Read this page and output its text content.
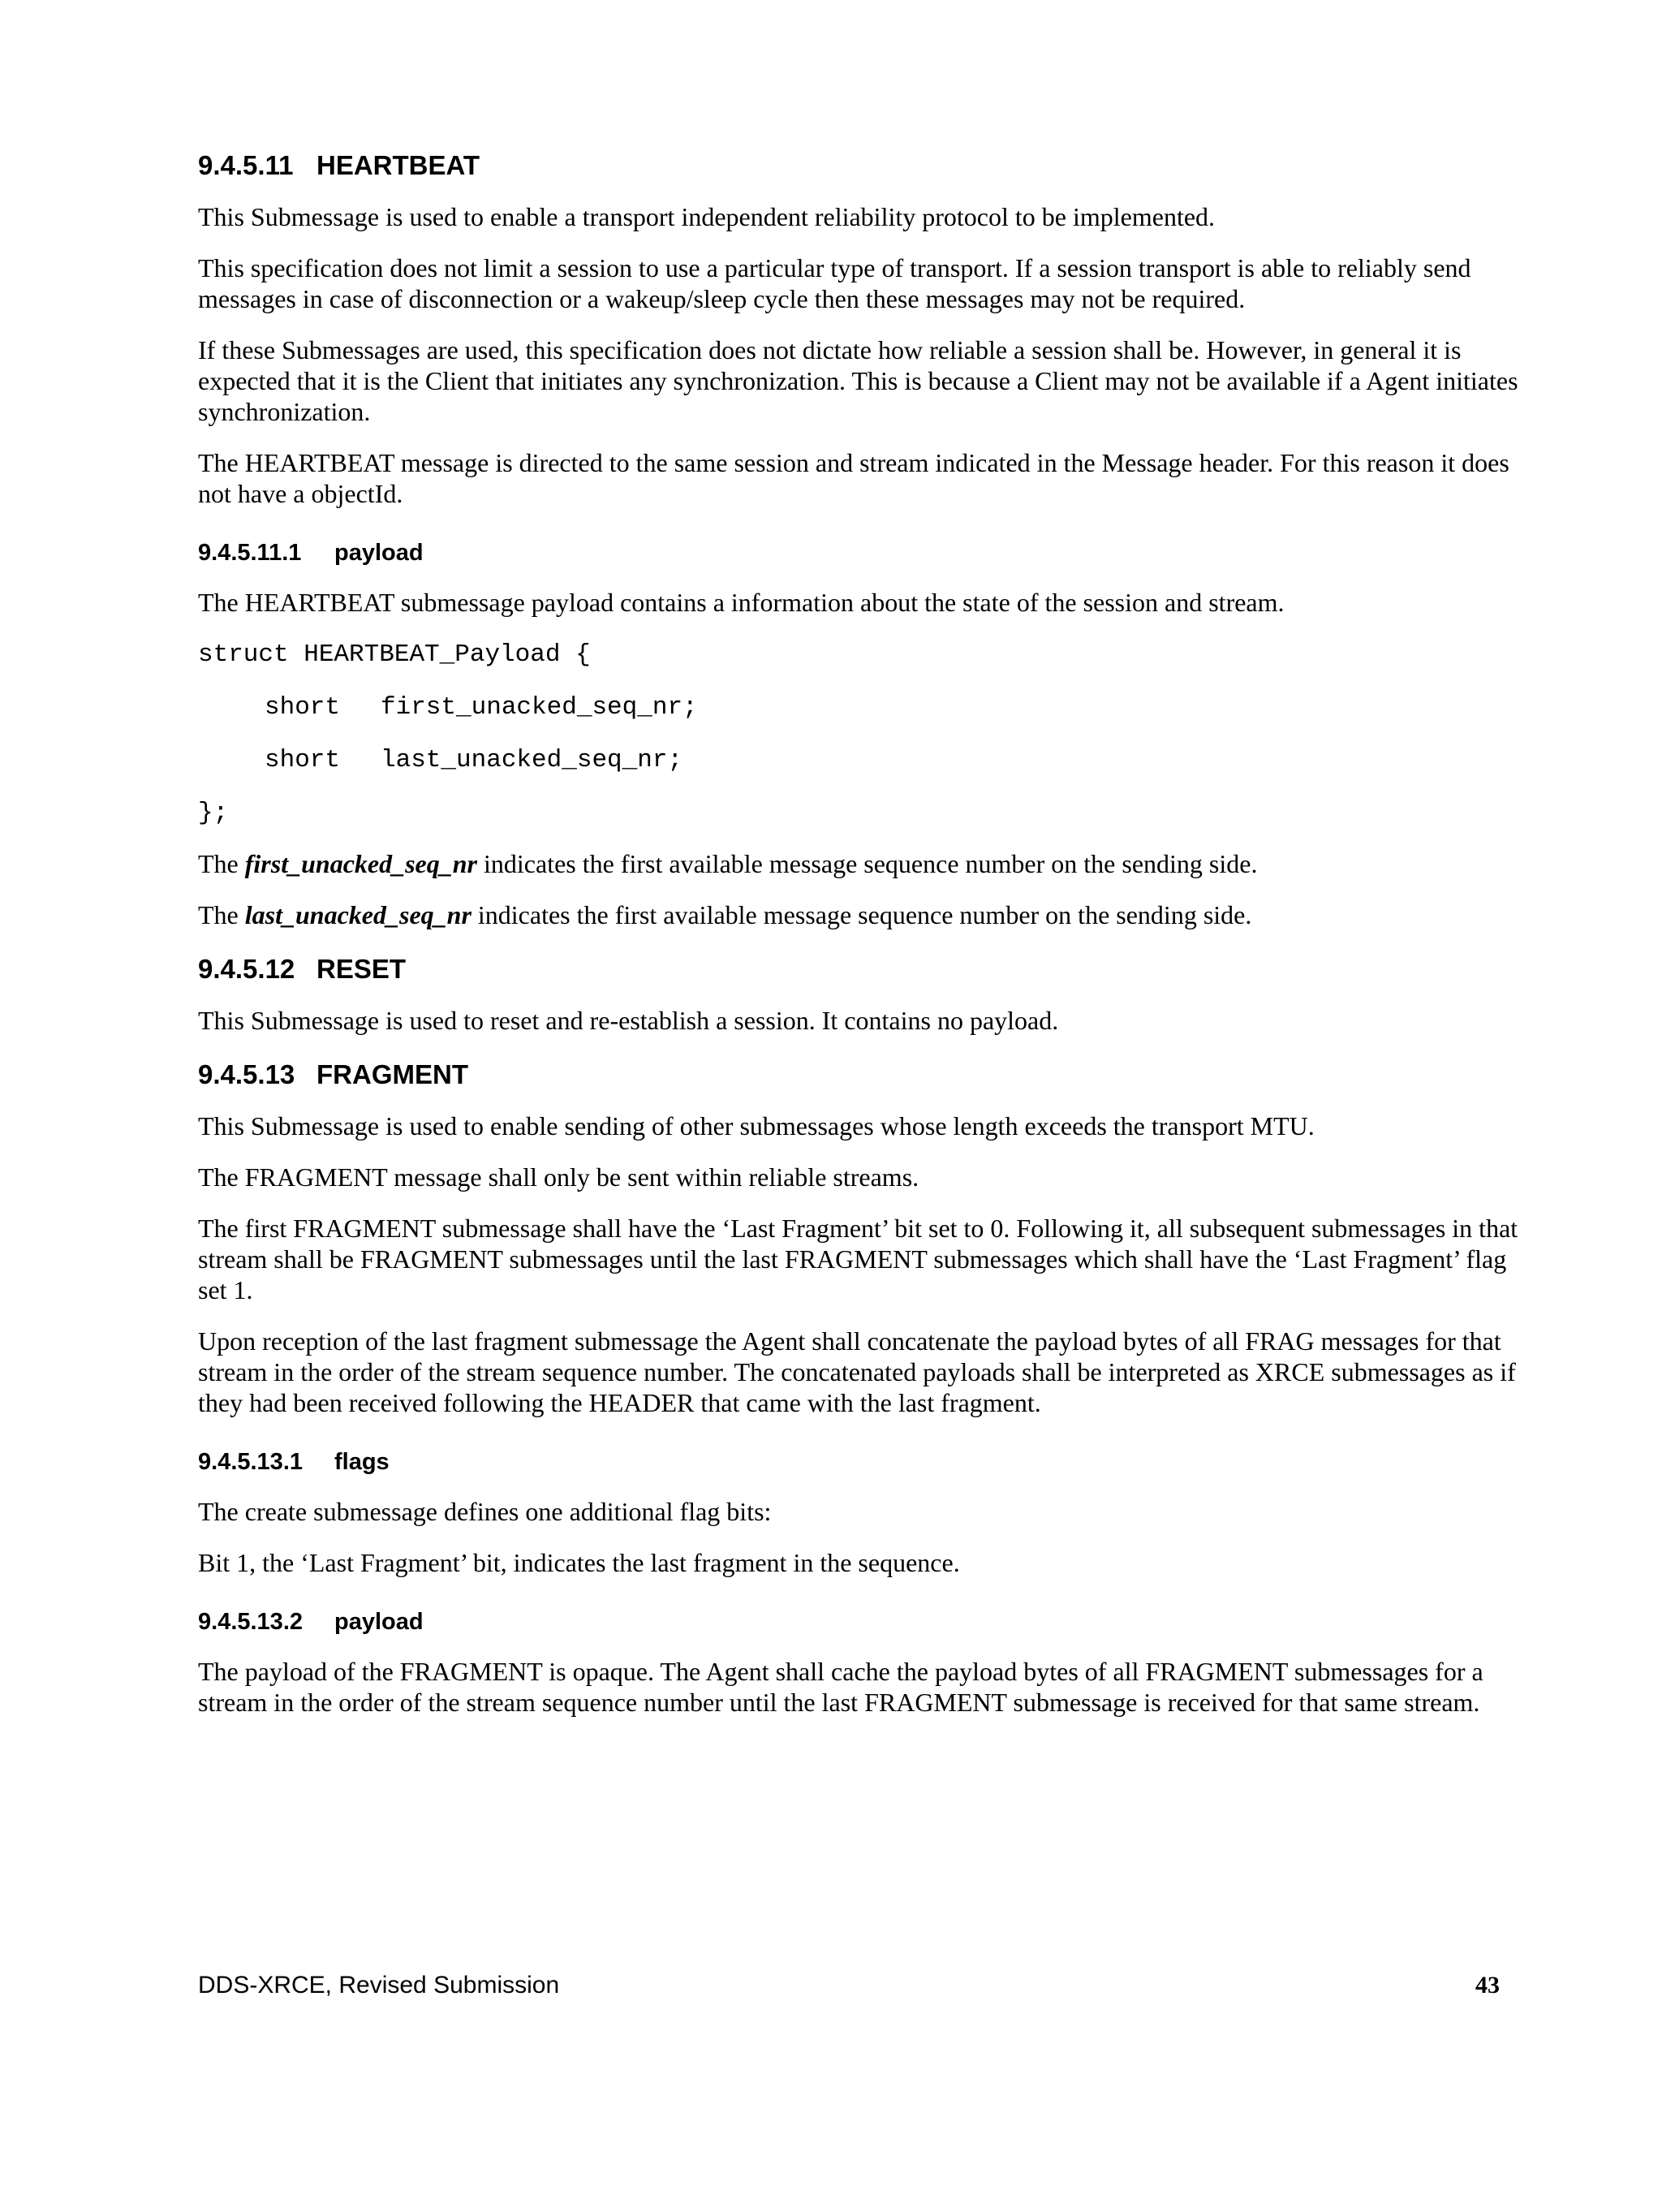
9.4.5.11 HEARTBEAT

This Submessage is used to enable a transport independent reliability protocol to be implemented.

This specification does not limit a session to use a particular type of transport. If a session transport is able to reliably send messages in case of disconnection or a wakeup/sleep cycle then these messages may not be required.

If these Submessages are used, this specification does not dictate how reliable a session shall be. However, in general it is expected that it is the Client that initiates any synchronization. This is because a Client may not be available if a Agent initiates synchronization.

The HEARTBEAT message is directed to the same session and stream indicated in the Message header. For this reason it does not have a objectId.

9.4.5.11.1 payload

The HEARTBEAT submessage payload contains a information about the state of the session and stream.

struct HEARTBEAT_Payload {
short first_unacked_seq_nr;
short last_unacked_seq_nr;
};

The first_unacked_seq_nr indicates the first available message sequence number on the sending side.

The last_unacked_seq_nr indicates the first available message sequence number on the sending side.

9.4.5.12 RESET

This Submessage is used to reset and re-establish a session. It contains no payload.

9.4.5.13 FRAGMENT

This Submessage is used to enable sending of other submessages whose length exceeds the transport MTU.

The FRAGMENT message shall only be sent within reliable streams.

The first FRAGMENT submessage shall have the ‘Last Fragment’ bit set to 0. Following it, all subsequent submessages in that stream shall be FRAGMENT submessages until the last FRAGMENT submessages which shall have the ‘Last Fragment’ flag set 1.

Upon reception of the last fragment submessage the Agent shall concatenate the payload bytes of all FRAG messages for that stream in the order of the stream sequence number. The concatenated payloads shall be interpreted as XRCE submessages as if they had been received following the HEADER that came with the last fragment.

9.4.5.13.1 flags

The create submessage defines one additional flag bits:

Bit 1, the ‘Last Fragment’ bit, indicates the last fragment in the sequence.

9.4.5.13.2 payload

The payload of the FRAGMENT is opaque. The Agent shall cache the payload bytes of all FRAGMENT submessages for a stream in the order of the stream sequence number until the last FRAGMENT submessage is received for that same stream.

DDS-XRCE, Revised Submission	43
